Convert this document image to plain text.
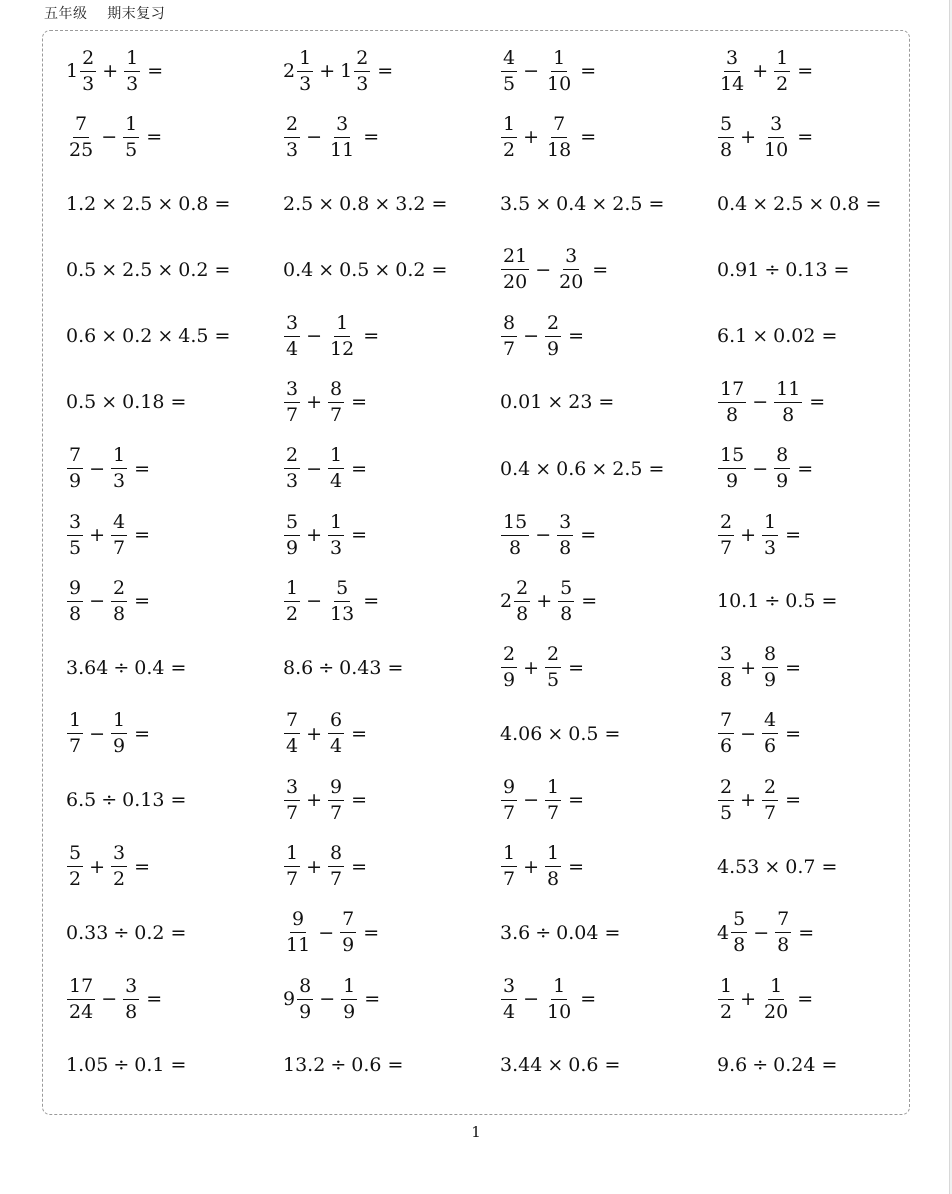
五年级    期末复习
$1 \frac{2}{3} + \frac{1}{3}$ =	$2 \frac{1}{3} + 1 \frac{2}{3}$ =	$\frac{4}{5} - \frac{1}{10}$ =	$\frac{3}{14} + \frac{1}{2}$ =
$\frac{7}{25} - \frac{1}{5}$ =	$\frac{2}{3} - \frac{3}{11}$ =	$\frac{1}{2} + \frac{7}{18}$ =	$\frac{5}{8} + \frac{3}{10}$ =
1.2 × 2.5 × 0.8 =	2.5 × 0.8 × 3.2 =	3.5 × 0.4 × 2.5 =	0.4 × 2.5 × 0.8 =
0.5 × 2.5 × 0.2 =	0.4 × 0.5 × 0.2 =	$\frac{21}{20} - \frac{3}{20}$ =	0.91 ÷ 0.13 =
0.6 × 0.2 × 4.5 =	$\frac{3}{4} - \frac{1}{12}$ =	$\frac{8}{7} - \frac{2}{9}$ =	6.1 × 0.02 =
0.5 × 0.18 =	$\frac{3}{7} + \frac{8}{7}$ =	0.01 × 23 =	$\frac{17}{8} - \frac{11}{8}$ =
$\frac{7}{9} - \frac{1}{3}$ =	$\frac{2}{3} - \frac{1}{4}$ =	0.4 × 0.6 × 2.5 =	$\frac{15}{9} - \frac{8}{9}$ =
$\frac{3}{5} + \frac{4}{7}$ =	$\frac{5}{9} + \frac{1}{3}$ =	$\frac{15}{8} - \frac{3}{8}$ =	$\frac{2}{7} + \frac{1}{3}$ =
$\frac{9}{8} - \frac{2}{8}$ =	$\frac{1}{2} - \frac{5}{13}$ =	$2 \frac{2}{8} + \frac{5}{8}$ =	10.1 ÷ 0.5 =
3.64 ÷ 0.4 =	8.6 ÷ 0.43 =	$\frac{2}{9} + \frac{2}{5}$ =	$\frac{3}{8} + \frac{8}{9}$ =
$\frac{1}{7} - \frac{1}{9}$ =	$\frac{7}{4} + \frac{6}{4}$ =	4.06 × 0.5 =	$\frac{7}{6} - \frac{4}{6}$ =
6.5 ÷ 0.13 =	$\frac{3}{7} + \frac{9}{7}$ =	$\frac{9}{7} - \frac{1}{7}$ =	$\frac{2}{5} + \frac{2}{7}$ =
$\frac{5}{2} + \frac{3}{2}$ =	$\frac{1}{7} + \frac{8}{7}$ =	$\frac{1}{7} + \frac{1}{8}$ =	4.53 × 0.7 =
0.33 ÷ 0.2 =	$\frac{9}{11} - \frac{7}{9}$ =	3.6 ÷ 0.04 =	$4 \frac{5}{8} - \frac{7}{8}$ =
$\frac{17}{24} - \frac{3}{8}$ =	$9 \frac{8}{9} - \frac{1}{9}$ =	$\frac{3}{4} - \frac{1}{10}$ =	$\frac{1}{2} + \frac{1}{20}$ =
1.05 ÷ 0.1 =	13.2 ÷ 0.6 =	3.44 × 0.6 =	9.6 ÷ 0.24 =
1
